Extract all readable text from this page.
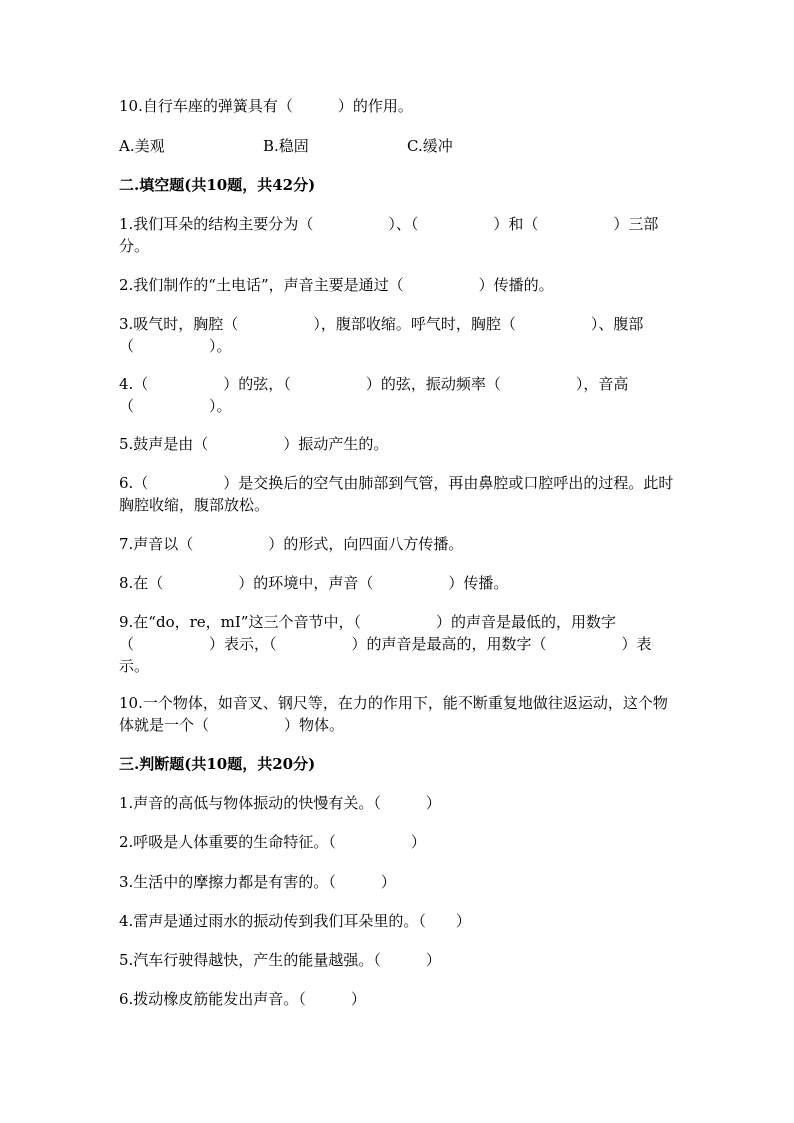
10.自行车座的弹簧具有（　　　）的作用。
A.美观	B.稳固	C.缓冲
二.填空题(共10题，共42分)
1.我们耳朵的结构主要分为（　　　　　）、（　　　　　）和（　　　　　）三部分。
2.我们制作的“土电话”，声音主要是通过（　　　　　）传播的。
3.吸气时，胸腔（　　　　　），腹部收缩。呼气时，胸腔（　　　　　）、腹部（　　　　　）。
4.（　　　　　）的弦，（　　　　　）的弦，振动频率（　　　　　），音高（　　　　　）。
5.鼓声是由（　　　　　）振动产生的。
6.（　　　　　）是交换后的空气由肺部到气管，再由鼻腔或口腔呼出的过程。此时胸腔收缩，腹部放松。
7.声音以（　　　　　）的形式，向四面八方传播。
8.在（　　　　　）的环境中，声音（　　　　　）传播。
9.在“do，re，mI”这三个音节中，（　　　　　）的声音是最低的，用数字（　　　　　）表示，（　　　　　）的声音是最高的，用数字（　　　　　）表示。
10.一个物体，如音叉、钢尺等，在力的作用下，能不断重复地做往返运动，这个物体就是一个（　　　　　）物体。
三.判断题(共10题，共20分)
1.声音的高低与物体振动的快慢有关。（　　　）
2.呼吸是人体重要的生命特征。（　　　　　）
3.生活中的摩擦力都是有害的。（　　　）
4.雷声是通过雨水的振动传到我们耳朵里的。（　　）
5.汽车行驶得越快，产生的能量越强。（　　　）
6.拨动橡皮筋能发出声音。（　　　）
